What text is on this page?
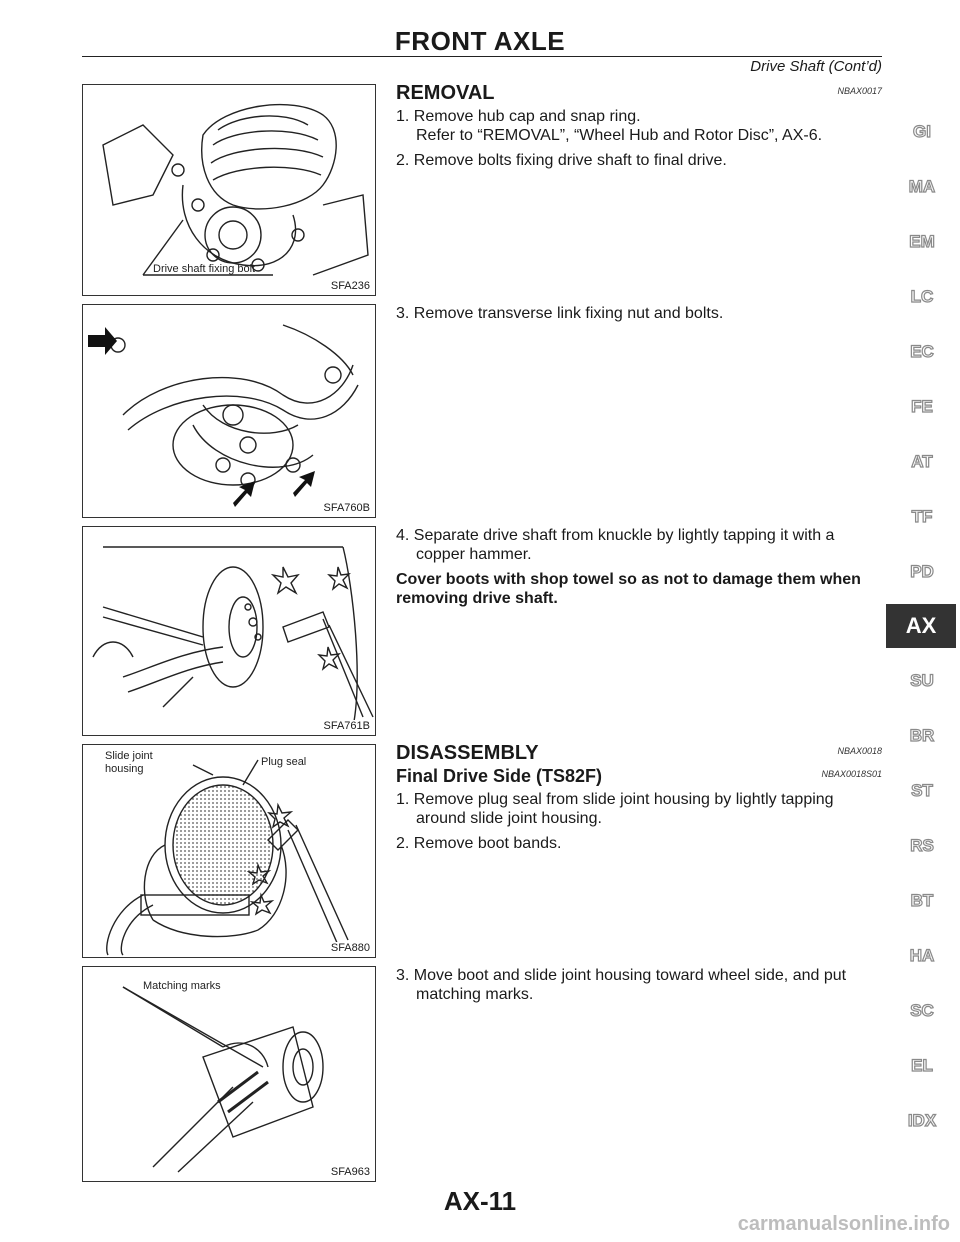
FRONT AXLE
Drive Shaft (Cont’d)
Drive shaft fixing bolt
SFA236
SFA760B
SFA761B
Slide joint
housing
Plug seal
SFA880
Matching marks
SFA963
REMOVAL	NBAX0017
1. Remove hub cap and snap ring.
Refer to “REMOVAL”, “Wheel Hub and Rotor Disc”, AX-6.
2. Remove bolts fixing drive shaft to final drive.
3. Remove transverse link fixing nut and bolts.
4. Separate drive shaft from knuckle by lightly tapping it with a
copper hammer.
Cover boots with shop towel so as not to damage them when removing drive shaft.
DISASSEMBLY	NBAX0018
Final Drive Side (TS82F)	NBAX0018S01
1. Remove plug seal from slide joint housing by lightly tapping
around slide joint housing.
2. Remove boot bands.
3. Move boot and slide joint housing toward wheel side, and put
matching marks.
GI
MA
EM
LC
EC
FE
AT
TF
PD
AX
SU
BR
ST
RS
BT
HA
SC
EL
IDX
AX-11
carmanualsonline.info
